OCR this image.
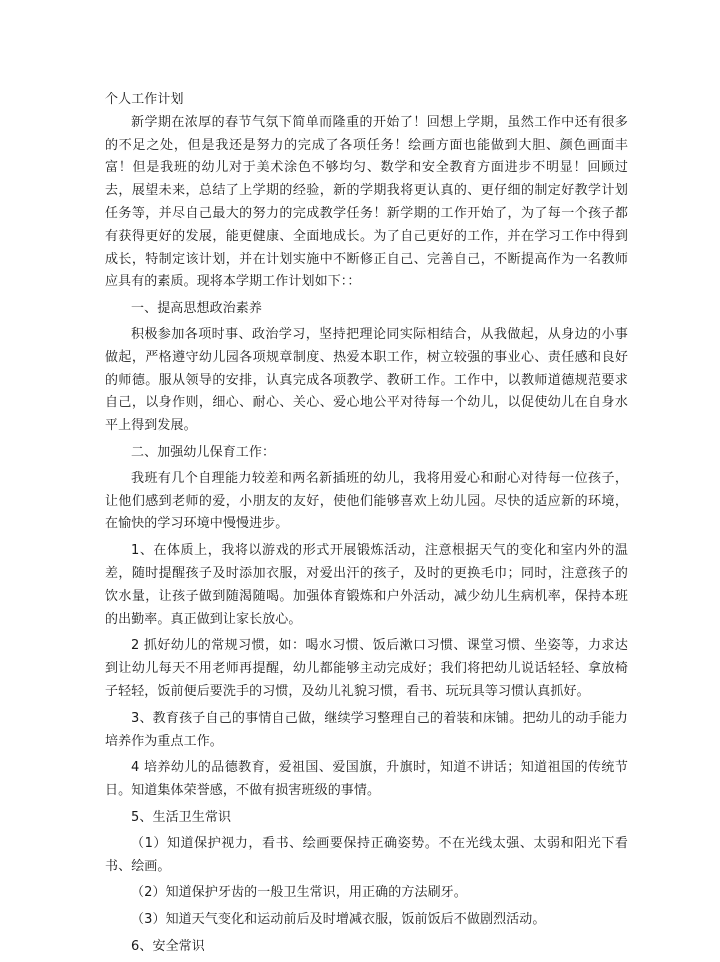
个人工作计划

新学期在浓厚的春节气氛下简单而隆重的开始了！回想上学期，虽然工作中还有很多的不足之处，但是我还是努力的完成了各项任务！绘画方面也能做到大胆、颜色画面丰富！但是我班的幼儿对于美术涂色不够均匀、数学和安全教育方面进步不明显！回顾过去，展望未来，总结了上学期的经验，新的学期我将更认真的、更仔细的制定好教学计划任务等，并尽自己最大的努力的完成教学任务！新学期的工作开始了，为了每一个孩子都有获得更好的发展，能更健康、全面地成长。为了自己更好的工作，并在学习工作中得到成长，特制定该计划，并在计划实施中不断修正自己、完善自己，不断提高作为一名教师应具有的素质。现将本学期工作计划如下：：

一、提高思想政治素养

积极参加各项时事、政治学习，坚持把理论同实际相结合，从我做起，从身边的小事做起，严格遵守幼儿园各项规章制度、热爱本职工作，树立较强的事业心、责任感和良好的师德。服从领导的安排，认真完成各项教学、教研工作。工作中，以教师道德规范要求自己，以身作则，细心、耐心、关心、爱心地公平对待每一个幼儿，以促使幼儿在自身水平上得到发展。

二、加强幼儿保育工作：

我班有几个自理能力较差和两名新插班的幼儿，我将用爱心和耐心对待每一位孩子，让他们感到老师的爱，小朋友的友好，使他们能够喜欢上幼儿园。尽快的适应新的环境，在愉快的学习环境中慢慢进步。

1、在体质上，我将以游戏的形式开展锻炼活动，注意根据天气的变化和室内外的温差，随时提醒孩子及时添加衣服，对爱出汗的孩子，及时的更换毛巾；同时，注意孩子的饮水量，让孩子做到随渴随喝。加强体育锻炼和户外活动，减少幼儿生病机率，保持本班的出勤率。真正做到让家长放心。

2 抓好幼儿的常规习惯，如：喝水习惯、饭后漱口习惯、课堂习惯、坐姿等，力求达到让幼儿每天不用老师再提醒，幼儿都能够主动完成好；我们将把幼儿说话轻轻、拿放椅子轻轻，饭前便后要洗手的习惯，及幼儿礼貌习惯，看书、玩玩具等习惯认真抓好。

3、教育孩子自己的事情自己做，继续学习整理自己的着装和床铺。把幼儿的动手能力培养作为重点工作。

4 培养幼儿的品德教育，爱祖国、爱国旗，升旗时，知道不讲话；知道祖国的传统节日。知道集体荣誉感，不做有损害班级的事情。

5、生活卫生常识

（1）知道保护视力，看书、绘画要保持正确姿势。不在光线太强、太弱和阳光下看书、绘画。

（2）知道保护牙齿的一般卫生常识，用正确的方法刷牙。

（3）知道天气变化和运动前后及时增减衣服，饭前饭后不做剧烈活动。

6、安全常识
